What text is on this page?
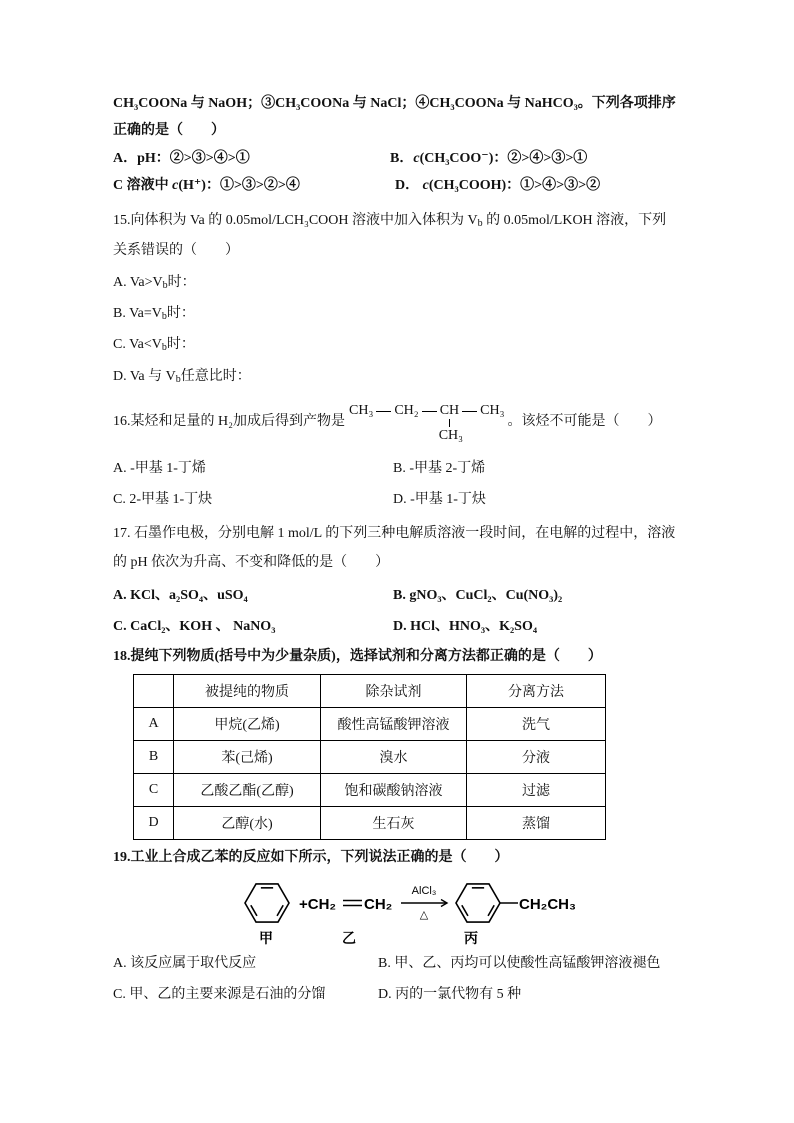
CH₃COONa 与 NaOH；③CH₃COONa 与 NaCl；④CH₃COONa 与 NaHCO₃。下列各项排序
正确的是（　　）
A．pH：②>③>④>①	B．c(CH₃COO⁻)：②>④>③>①
C 溶液中 c(H⁺)：①>③>②>④	D． c(CH₃COOH)：①>④>③>②
15.向体积为 Va 的 0.05mol/LCH₃COOH 溶液中加入体积为 $V_b$ 的 0.05mol/LKOH 溶液，下列
关系错误的（　　）
A. $Va>V_b$时：
B. $Va=V_b$时：
C. $Va<V_b$时：
D. Va 与 $V_b$任意比时：
16.某烃和足量的 H₂加成后得到产物是
CH₃ CH₂ CH
CH₃
CH₃
。该烃不可能是（　　）
A. -甲基 1-丁烯	B. -甲基 2-丁烯
C. 2-甲基 1-丁炔	D. -甲基 1-丁炔
17. 石墨作电极，分别电解 1 mol/L 的下列三种电解质溶液一段时间，在电解的过程中，溶液
的 pH 依次为升高、不变和降低的是（　　）
A. KCl、a₂SO₄、uSO₄	B. gNO₃、CuCl₂、Cu(NO₃)₂
C. CaCl₂、KOH 、 NaNO₃	D. HCl、HNO₃、K₂SO₄
18.提纯下列物质(括号中为少量杂质)，选择试剂和分离方法都正确的是（　　）
	被提纯的物质	除杂试剂	分离方法
A	甲烷(乙烯)	酸性高锰酸钾溶液	洗气
B	苯(己烯)	溴水	分液
C	乙酸乙酯(乙醇)	饱和碳酸钠溶液	过滤
D	乙醇(水)	生石灰	蒸馏
19.工业上合成乙苯的反应如下所示，下列说法正确的是（　　）
+CH₂ CH₂
AlCl₃
△
CH₂CH₃
甲	乙	丙
A. 该反应属于取代反应	B. 甲、乙、丙均可以使酸性高锰酸钾溶液褪色
C. 甲、乙的主要来源是石油的分馏	D. 丙的一氯代物有 5 种
